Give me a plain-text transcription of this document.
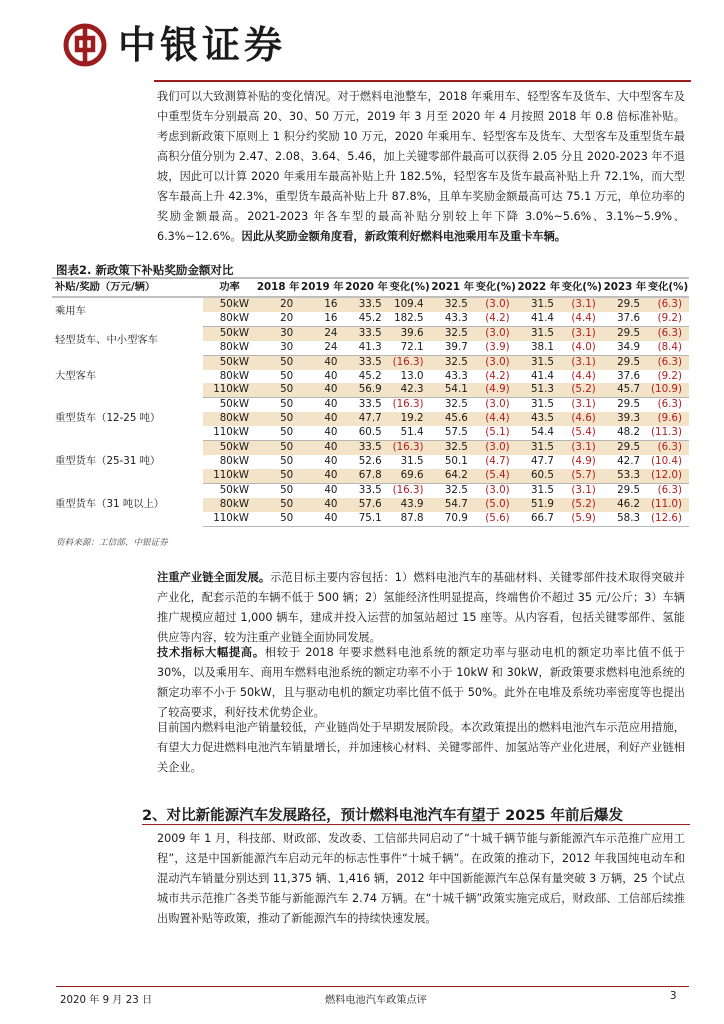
中银证券
我们可以大致测算补贴的变化情况。对于燃料电池整车，2018 年乘用车、轻型客车及货车、大中型客车及中重型货车分别最高 20、30、50 万元，2019 年 3 月至 2020 年 4 月按照 2018 年 0.8 倍标准补贴。考虑到新政策下原则上 1 积分约奖励 10 万元，2020 年乘用车、轻型客车及货车、大型客车及重型货车最高积分值分别为 2.47、2.08、3.64、5.46，加上关键零部件最高可以获得 2.05 分且 2020-2023 年不退坡，因此可以计算 2020 年乘用车最高补贴上升 182.5%，轻型客车及货车最高补贴上升 72.1%，而大型客车最高上升 42.3%，重型货车最高补贴上升 87.8%，且单车奖励金额最高可达 75.1 万元，单位功率的奖励金额最高。2021-2023 年各车型的最高补贴分别较上年下降 3.0%~5.6%、3.1%~5.9%、6.3%~12.6%。因此从奖励金额角度看，新政策利好燃料电池乘用车及重卡车辆。
图表2. 新政策下补贴奖励金额对比
补贴/奖励（万元/辆）	功率	2018 年	2019 年	2020 年	变化(%)	2021 年	变化(%)	2022 年	变化(%)	2023 年	变化(%)
乘用车	50kW	20	16	33.5	109.4	32.5	(3.0)	31.5	(3.1)	29.5	(6.3)
	80kW	20	16	45.2	182.5	43.3	(4.2)	41.4	(4.4)	37.6	(9.2)
轻型货车、中小型客车	50kW	30	24	33.5	39.6	32.5	(3.0)	31.5	(3.1)	29.5	(6.3)
	80kW	30	24	41.3	72.1	39.7	(3.9)	38.1	(4.0)	34.9	(8.4)
大型客车	50kW	50	40	33.5	(16.3)	32.5	(3.0)	31.5	(3.1)	29.5	(6.3)
	80kW	50	40	45.2	13.0	43.3	(4.2)	41.4	(4.4)	37.6	(9.2)
	110kW	50	40	56.9	42.3	54.1	(4.9)	51.3	(5.2)	45.7	(10.9)
重型货车（12-25 吨）	50kW	50	40	33.5	(16.3)	32.5	(3.0)	31.5	(3.1)	29.5	(6.3)
	80kW	50	40	47.7	19.2	45.6	(4.4)	43.5	(4.6)	39.3	(9.6)
	110kW	50	40	60.5	51.4	57.5	(5.1)	54.4	(5.4)	48.2	(11.3)
重型货车（25-31 吨）	50kW	50	40	33.5	(16.3)	32.5	(3.0)	31.5	(3.1)	29.5	(6.3)
	80kW	50	40	52.6	31.5	50.1	(4.7)	47.7	(4.9)	42.7	(10.4)
	110kW	50	40	67.8	69.6	64.2	(5.4)	60.5	(5.7)	53.3	(12.0)
重型货车（31 吨以上）	50kW	50	40	33.5	(16.3)	32.5	(3.0)	31.5	(3.1)	29.5	(6.3)
	80kW	50	40	57.6	43.9	54.7	(5.0)	51.9	(5.2)	46.2	(11.0)
	110kW	50	40	75.1	87.8	70.9	(5.6)	66.7	(5.9)	58.3	(12.6)
资料来源：工信部、中银证券
注重产业链全面发展。示范目标主要内容包括：1）燃料电池汽车的基础材料、关键零部件技术取得突破并产业化，配套示范的车辆不低于 500 辆；2）氢能经济性明显提高，终端售价不超过 35 元/公斤；3）车辆推广规模应超过 1,000 辆车，建成并投入运营的加氢站超过 15 座等。从内容看，包括关键零部件、氢能供应等内容，较为注重产业链全面协同发展。
技术指标大幅提高。相较于 2018 年要求燃料电池系统的额定功率与驱动电机的额定功率比值不低于 30%，以及乘用车、商用车燃料电池系统的额定功率不小于 10kW 和 30kW，新政策要求燃料电池系统的额定功率不小于 50kW，且与驱动电机的额定功率比值不低于 50%。此外在电堆及系统功率密度等也提出了较高要求，利好技术优势企业。
目前国内燃料电池产销量较低，产业链尚处于早期发展阶段。本次政策提出的燃料电池汽车示范应用措施，有望大力促进燃料电池汽车销量增长，并加速核心材料、关键零部件、加氢站等产业化进展，利好产业链相关企业。
2、对比新能源汽车发展路径，预计燃料电池汽车有望于 2025 年前后爆发
2009 年 1 月，科技部、财政部、发改委、工信部共同启动了“十城千辆节能与新能源汽车示范推广应用工程”，这是中国新能源汽车启动元年的标志性事件“十城千辆”。在政策的推动下，2012 年我国纯电动车和混动汽车销量分别达到 11,375 辆、1,416 辆，2012 年中国新能源汽车总保有量突破 3 万辆，25 个试点城市共示范推广各类节能与新能源汽车 2.74 万辆。在“十城千辆”政策实施完成后，财政部、工信部后续推出购置补贴等政策，推动了新能源汽车的持续快速发展。
2020 年 9 月 23 日	燃料电池汽车政策点评	3
